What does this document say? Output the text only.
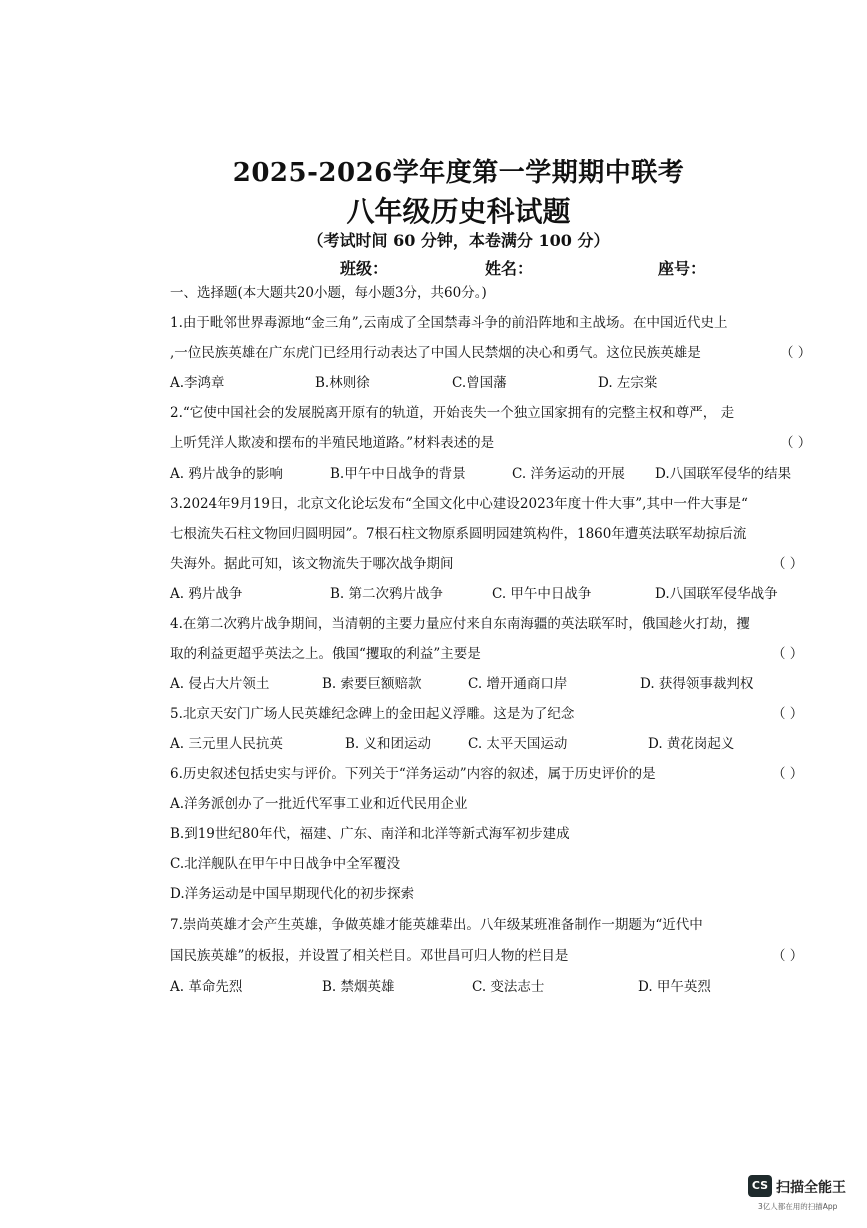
2025-2026学年度第一学期期中联考
八年级历史科试题
（考试时间 60 分钟，本卷满分 100 分）
班级：	姓名：	座号：
一、选择题(本大题共20小题，每小题3分，共60分。)
1.由于毗邻世界毒源地“金三角”,云南成了全国禁毒斗争的前沿阵地和主战场。在中国近代史上
,一位民族英雄在广东虎门已经用行动表达了中国人民禁烟的决心和勇气。这位民族英雄是	（ ）
A.李鸿章	B.林则徐	C.曾国藩	D. 左宗棠
2.“它使中国社会的发展脱离开原有的轨道，开始丧失一个独立国家拥有的完整主权和尊严， 走
上听凭洋人欺凌和摆布的半殖民地道路。”材料表述的是	（ ）
A. 鸦片战争的影响	B.甲午中日战争的背景	C. 洋务运动的开展 D.八国联军侵华的结果
3.2024年9月19日，北京文化论坛发布“全国文化中心建设2023年度十件大事”,其中一件大事是“
七根流失石柱文物回归圆明园”。7根石柱文物原系圆明园建筑构件，1860年遭英法联军劫掠后流
失海外。据此可知，该文物流失于哪次战争期间	（ ）
A. 鸦片战争	B. 第二次鸦片战争	C. 甲午中日战争	D.八国联军侵华战争
4.在第二次鸦片战争期间，当清朝的主要力量应付来自东南海疆的英法联军时，俄国趁火打劫，攫
取的利益更超乎英法之上。俄国“攫取的利益”主要是	（ ）
A. 侵占大片领土	B. 索要巨额赔款	C. 增开通商口岸	D. 获得领事裁判权
5.北京天安门广场人民英雄纪念碑上的金田起义浮雕。这是为了纪念	（ ）
A. 三元里人民抗英	B. 义和团运动	C. 太平天国运动	D. 黄花岗起义
6.历史叙述包括史实与评价。下列关于“洋务运动”内容的叙述，属于历史评价的是	（ ）
A.洋务派创办了一批近代军事工业和近代民用企业
B.到19世纪80年代，福建、广东、南洋和北洋等新式海军初步建成
C.北洋舰队在甲午中日战争中全军覆没
D.洋务运动是中国早期现代化的初步探索
7.崇尚英雄才会产生英雄，争做英雄才能英雄辈出。八年级某班准备制作一期题为“近代中
国民族英雄”的板报，并设置了相关栏目。邓世昌可归人物的栏目是	（ ）
A. 革命先烈	B. 禁烟英雄	C. 变法志士	D. 甲午英烈
CS 扫描全能王
3亿人都在用的扫描App
